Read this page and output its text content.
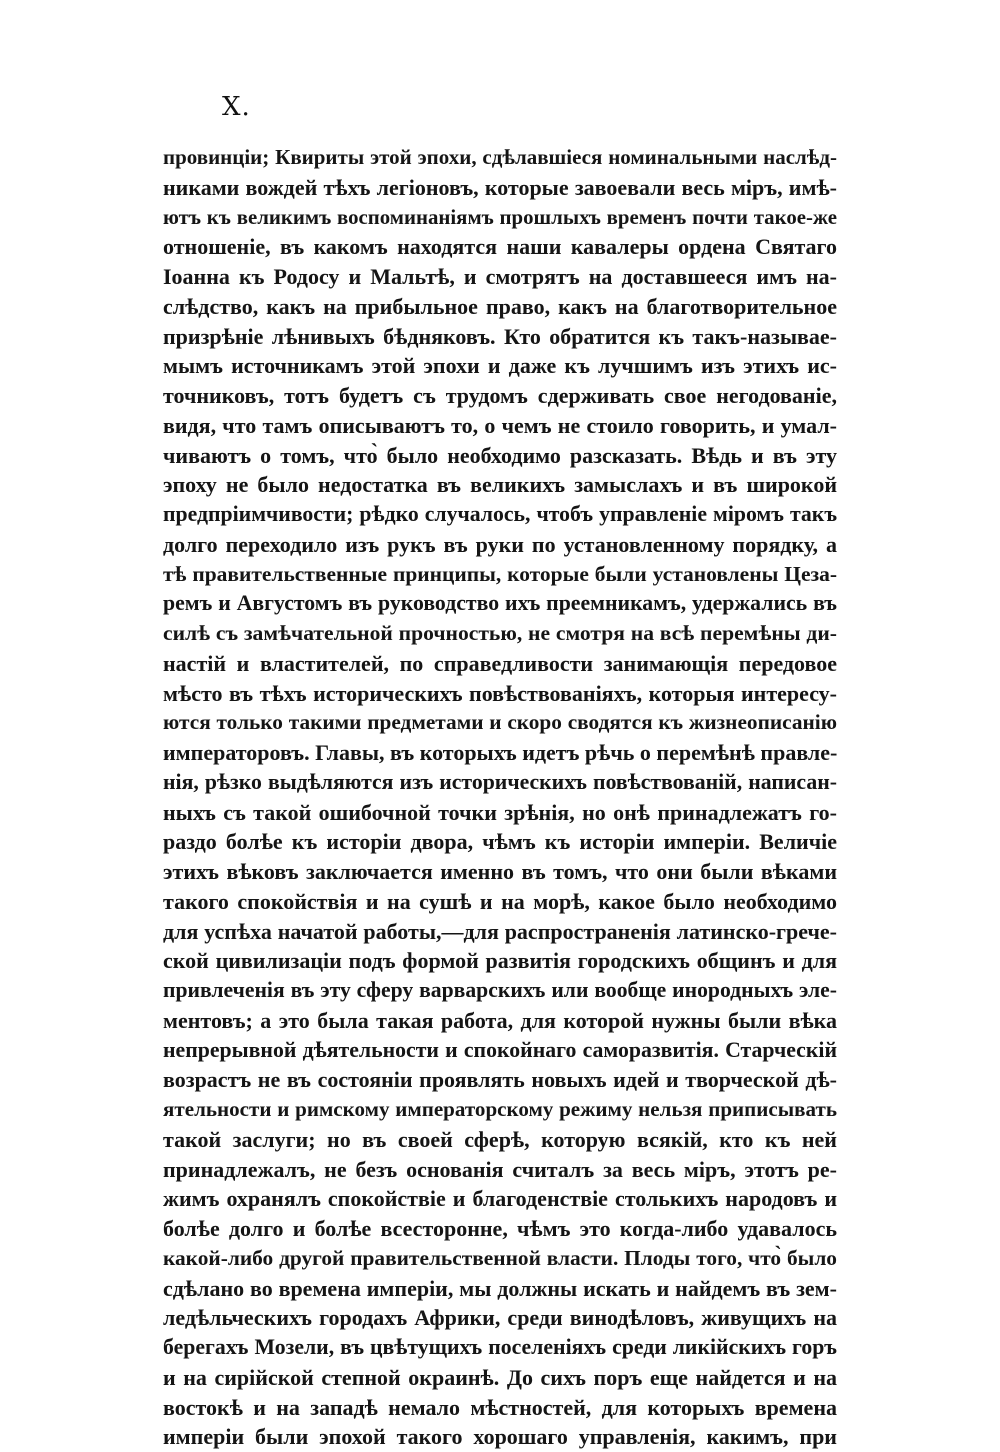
X.
провинціи; Квириты этой эпохи, сдѣлавшіеся номинальными наслѣд-
никами вождей тѣхъ легіоновъ, которые завоевали весь міръ, имѣ-
ютъ къ великимъ воспоминаніямъ прошлыхъ временъ почти такое-же
отношеніе, въ какомъ находятся наши кавалеры ордена Святаго
Іоанна къ Родосу и Мальтѣ, и смотрятъ на доставшееся имъ на-
слѣдство, какъ на прибыльное право, какъ на благотворительное
призрѣніе лѣнивыхъ бѣдняковъ. Кто обратится къ такъ-называе-
мымъ источникамъ этой эпохи и даже къ лучшимъ изъ этихъ ис-
точниковъ, тотъ будетъ съ трудомъ сдерживать свое негодованіе,
видя, что тамъ описываютъ то, о чемъ не стоило говорить, и умал-
чиваютъ о томъ, что̀ было необходимо разсказать. Вѣдь и въ эту
эпоху не было недостатка въ великихъ замыслахъ и въ широкой
предпріимчивости; рѣдко случалось, чтобъ управленіе міромъ такъ
долго переходило изъ рукъ въ руки по установленному порядку, а
тѣ правительственные принципы, которые были установлены Цеза-
ремъ и Августомъ въ руководство ихъ преемникамъ, удержались въ
силѣ съ замѣчательной прочностью, не смотря на всѣ перемѣны ди-
настій и властителей, по справедливости занимающія передовое
мѣсто въ тѣхъ историческихъ повѣствованіяхъ, которыя интересу-
ются только такими предметами и скоро сводятся къ жизнеописанію
императоровъ. Главы, въ которыхъ идетъ рѣчь о перемѣнѣ правле-
нія, рѣзко выдѣляются изъ историческихъ повѣствованій, написан-
ныхъ съ такой ошибочной точки зрѣнія, но онѣ принадлежатъ го-
раздо болѣе къ исторіи двора, чѣмъ къ исторіи имперіи. Величіе
этихъ вѣковъ заключается именно въ томъ, что они были вѣками
такого спокойствія и на сушѣ и на морѣ, какое было необходимо
для успѣха начатой работы,—для распространенія латинско-грече-
ской цивилизаціи подъ формой развитія городскихъ общинъ и для
привлеченія въ эту сферу варварскихъ или вообще инородныхъ эле-
ментовъ; а это была такая работа, для которой нужны были вѣка
непрерывной дѣятельности и спокойнаго саморазвитія. Старческій
возрастъ не въ состояніи проявлять новыхъ идей и творческой дѣ-
ятельности и римскому императорскому режиму нельзя приписывать
такой заслуги; но въ своей сферѣ, которую всякій, кто къ ней
принадлежалъ, не безъ основанія считалъ за весь міръ, этотъ ре-
жимъ охранялъ спокойствіе и благоденствіе столькихъ народовъ и
болѣе долго и болѣе всесторонне, чѣмъ это когда-либо удавалось
какой-либо другой правительственной власти. Плоды того, что̀ было
сдѣлано во времена имперіи, мы должны искать и найдемъ въ зем-
ледѣльческихъ городахъ Африки, среди винодѣловъ, живущихъ на
берегахъ Мозели, въ цвѣтущихъ поселеніяхъ среди ликійскихъ горъ
и на сирійской степной окраинѣ. До сихъ поръ еще найдется и на
востокѣ и на западѣ немало мѣстностей, для которыхъ времена
имперіи были эпохой такого хорошаго управленія, какимъ, при
